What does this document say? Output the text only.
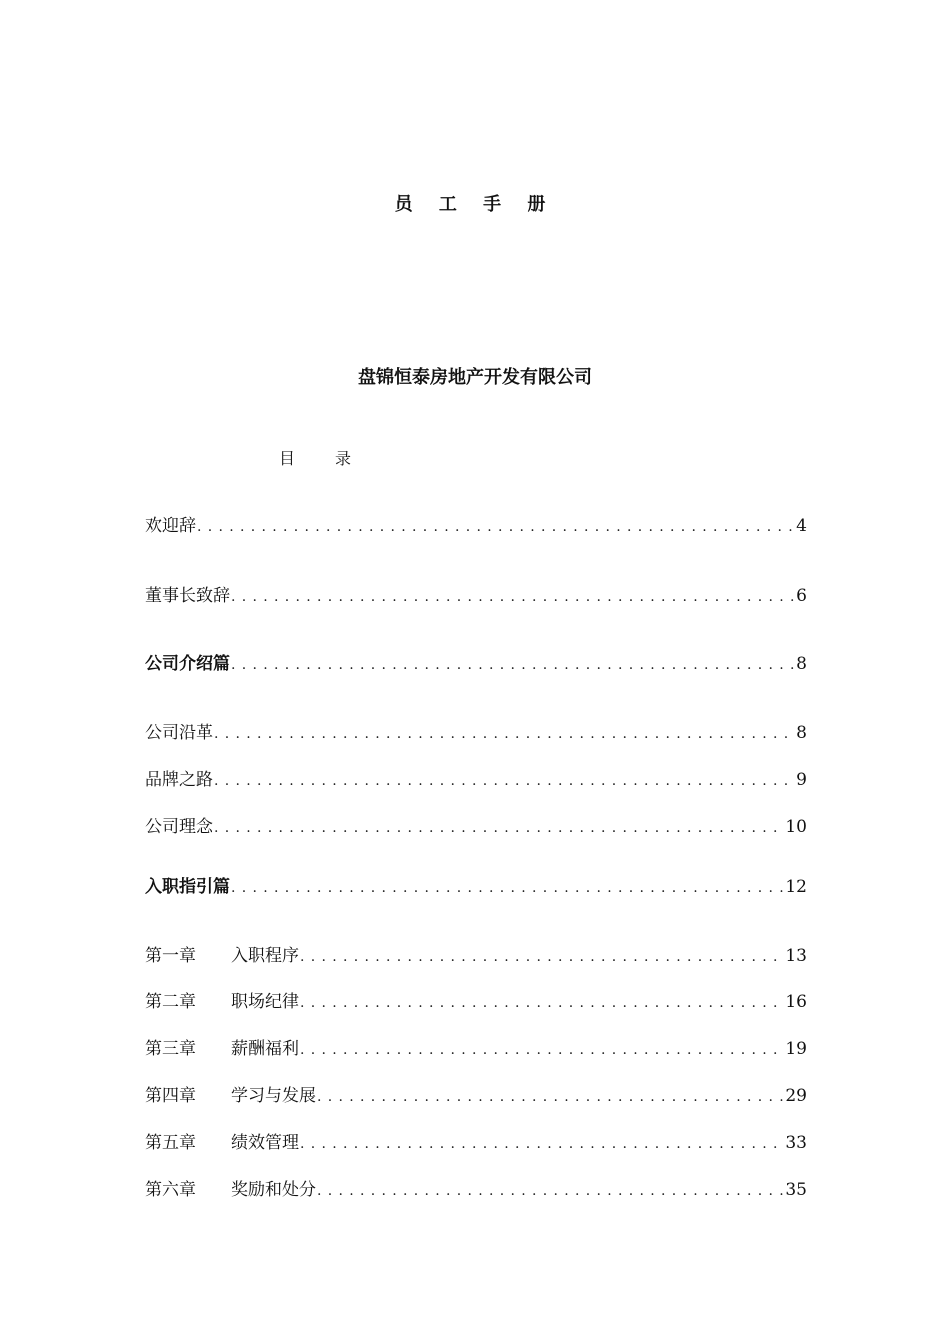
员 工 手 册
盘锦恒泰房地产开发有限公司
目	录
欢迎辞 .....	4
董事长致辞 .....	6
公司介绍篇 .....	8
公司沿革 .....	8
品牌之路 .....	9
公司理念 .....	10
入职指引篇 .....	12
第一章	入职程序 .....	13
第二章	职场纪律 .....	16
第三章	薪酬福利 .....	19
第四章	学习与发展 .....	29
第五章	绩效管理 .....	33
第六章	奖励和处分 .....	35
